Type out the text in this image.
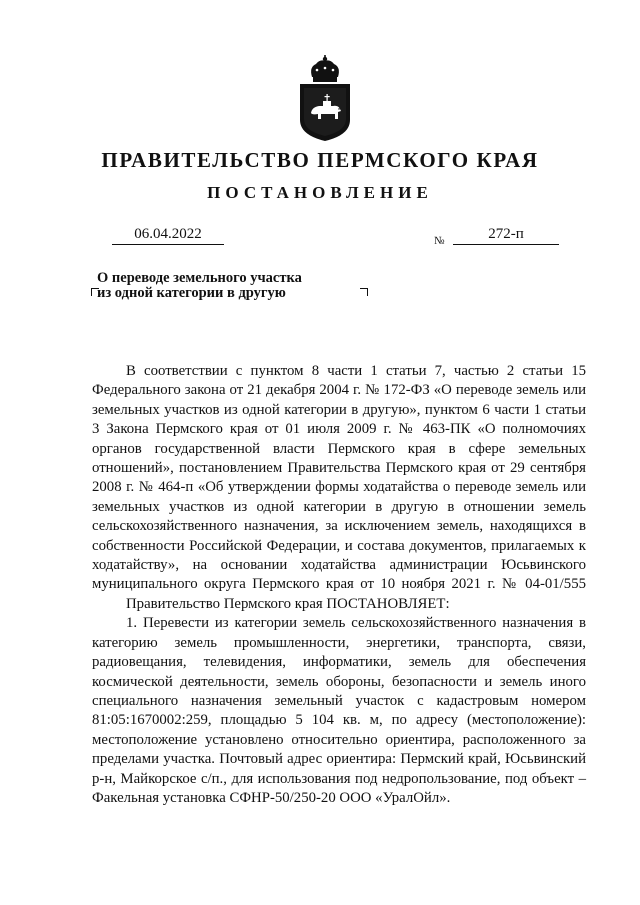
ПРАВИТЕЛЬСТВО ПЕРМСКОГО КРАЯ
ПОСТАНОВЛЕНИЕ
06.04.2022	№	272-п
О переводе земельного участка
из одной категории в другую

В соответствии с пунктом 8 части 1 статьи 7, частью 2 статьи 15 Федерального закона от 21 декабря 2004 г. № 172-ФЗ «О переводе земель или земельных участков из одной категории в другую», пунктом 6 части 1 статьи 3 Закона Пермского края от 01 июля 2009 г. № 463-ПК «О полномочиях органов государственной власти Пермского края в сфере земельных отношений», постановлением Правительства Пермского края от 29 сентября 2008 г. № 464-п «Об утверждении формы ходатайства о переводе земель или земельных участков из одной категории в другую в отношении земель сельскохозяйственного назначения, за исключением земель, находящихся в собственности Российской Федерации, и состава документов, прилагаемых к ходатайству», на основании ходатайства администрации Юсьвинского муниципального округа Пермского края от 10 ноября 2021 г. № 04-01/555

Правительство Пермского края ПОСТАНОВЛЯЕТ:

1. Перевести из категории земель сельскохозяйственного назначения в категорию земель промышленности, энергетики, транспорта, связи, радиовещания, телевидения, информатики, земель для обеспечения космической деятельности, земель обороны, безопасности и земель иного специального назначения земельный участок с кадастровым номером 81:05:1670002:259, площадью 5 104 кв. м, по адресу (местоположение): местоположение установлено относительно ориентира, расположенного за пределами участка. Почтовый адрес ориентира: Пермский край, Юсьвинский р-н, Майкорское с/п., для использования под недропользование, под объект – Факельная установка СФНР-50/250-20 ООО «УралОйл».
